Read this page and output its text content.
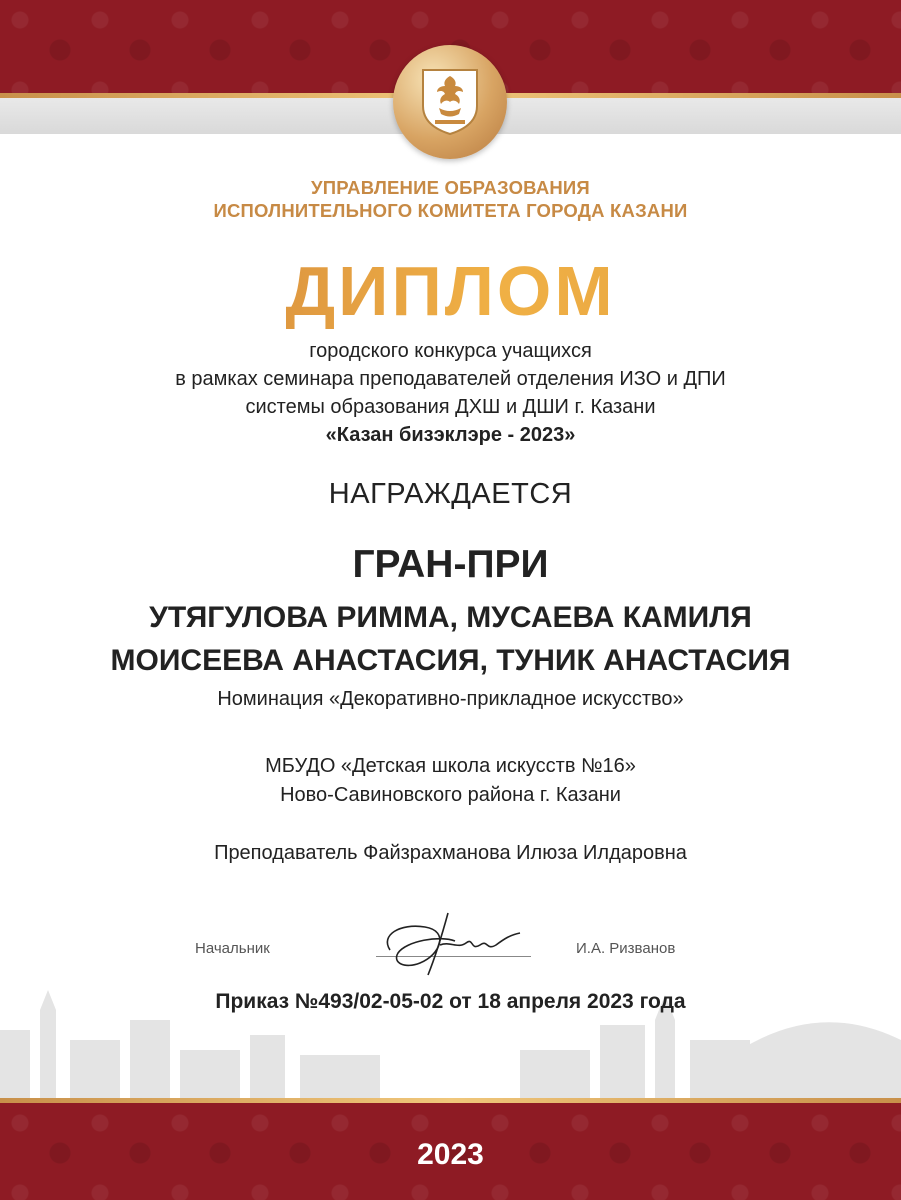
УПРАВЛЕНИЕ ОБРАЗОВАНИЯ
ИСПОЛНИТЕЛЬНОГО КОМИТЕТА ГОРОДА КАЗАНИ
ДИПЛОМ
городского конкурса учащихся
в рамках семинара преподавателей отделения ИЗО и ДПИ
системы образования ДХШ и ДШИ г. Казани
«Казан бизэклэре - 2023»
НАГРАЖДАЕТСЯ
ГРАН-ПРИ
УТЯГУЛОВА РИММА, МУСАЕВА КАМИЛЯ
МОИСЕЕВА АНАСТАСИЯ, ТУНИК АНАСТАСИЯ
Номинация «Декоративно-прикладное искусство»
МБУДО «Детская школа искусств №16»
Ново-Савиновского района г. Казани
Преподаватель Файзрахманова Илюза Илдаровна
Начальник	И.А. Ризванов
Приказ №493/02-05-02 от 18 апреля 2023 года
2023
